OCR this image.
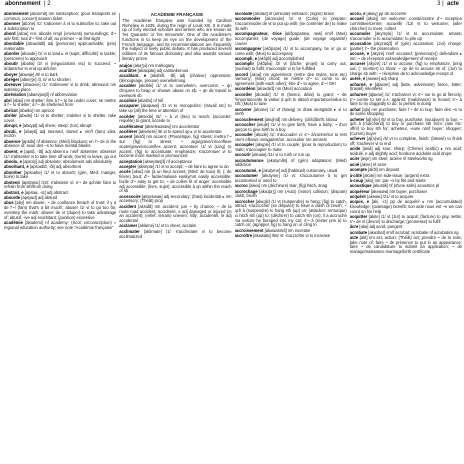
abonnement  | 2	3 |  acte
abonnement [abɔnmɑ̃] nm subscription; (pour transports en commun, concert) season ticket
abonner [abɔne] /1/: s'abonner à vt to subscribe to; take out a subscription to
abord [abɔʁ] nm: abords nmpl (environs) surroundings; d'~ adv first; tout d'~ first of all; au premier ~ at first sight
abordable [abɔʁdabl] adj (personne) approachable; (prix) reasonable
aborder [abɔʁde] /1/ vi to land ▸ vt (sujet, difficulté) to tackle; (personne) to approach
aboutir [abutiʁ] /2/ vi (négociations etc) to succeed; ~ à/dans/sur to end up at/in/on
aboyer [abwaje] /8/ vi to bark
abréger [abʁeʒe] /3, 6/ vt to shorten
abreuver [abʁœve] /1/: s'abreuver vi to drink; abreuvoir nm watering place
abréviation [abʁevjasjɔ̃] nf abbreviation
abri [abʁi] nm shelter; être à l'~ to be under cover; se mettre à l'~ to shelter; à l'~ de sheltered from
abricot [abʁiko] nm apricot
abriter [abʁite] /1/ vt to shelter; s'abriter vi to shelter, take cover
abrupt, e [abʁypt] adj sheer, steep; (ton) abrupt
abruti, e [abʁyti] adj stunned, dazed ▸ nm/f (fam) idiot, moron
absence [apsɑ̃s] nf absence; (Méd) blackout; en l'~ de in the absence of; avoir des ~s to have mental blanks
absent, e [apsɑ̃, -ɑ̃t] adj absent ▸ nm/f absentee; absenter /1/: s'absenter vi to take time off work; (sortir) to leave, go out
absolu, e [apsɔly] adj absolute; absolument adv absolutely
absorbant, e [apsɔʁbɑ̃, -ɑ̃t] adj absorbent
absorber [apsɔʁbe] /1/ vt to absorb; (gén, Méd: manger, boire) to take
abstenir [apstəniʁ] /22/: s'abstenir vi: s'~ de qch/de faire to refrain from sth/from doing
abstrait, e [apstʁɛ, -ɛt] adj abstract
absurde [apsyʁd] adj absurd
abus [aby] nm abuse; ~ de confiance breach of trust; il y a de l'~! (fam) that's a bit much!; abuser /1/ vi to go too far, overstep the mark; abuser de vt (duper) to take advantage of; abusif, -ive adj exorbitant; (punition) excessive
académie [akademi] nf academy; (Scol: circonscription) ≈ regional education authority; see note "Académie française"
ACADÉMIE FRANÇAISE
The Académie française was founded by Cardinal Richelieu in 1635, during the reign of Louis XIII. It is made up of forty elected scholars and writers who are known as 'les Quarante' or 'les Immortels'. One of the Académie's functions is to keep an eye on the development of the French language, and its recommendations are frequently the subject of lively public debate. It has produced several editions of its famous dictionary and also awards various literary prizes.
acajou [akaʒu] nm mahogany
acariâtre [akaʁjɑtʁ] adj cantankerous
accablant, e [akɑblɑ̃, -ɑ̃t] adj (chaleur) oppressive; (témoignage, preuve) overwhelming
accabler [akɑble] /1/ vt to overwhelm, overcome; ~ qn d'injures to heap or shower abuse on sb; ~ qn de travail to overwork sb
accalmie [akalmi] nf lull
accaparer [akapaʁe] /1/ vt to monopolize; (travail etc) to take up (all) the time or attention of
accéder [aksede] /6/: ~ à vt (lieu) to reach; (accorder: requête) to grant, accede to
accélérateur [akseleʁatœʁ] nm accelerator
accélérer [akselere] /6/ vt to speed up ▸ vi to accelerate
accent [aksɑ̃] nm accent; (Phonétique, fig) stress; mettre l'~ sur (fig) to stress; ~ aigu/grave/circonflexe acute/grave/circumflex accent; accentuer /1/ vt (Ling) to accent; (fig) to accentuate, emphasize; s'accentuer vi to become more marked or pronounced
acceptation [akseptasjɔ̃] nf acceptance
accepter [aksepte] /1/ vt to accept; ~ de faire to agree to do
accès [aksɛ] nm (à un lieu) access; (Méd: de toux) fit; (: de fièvre) bout; d'~ facile/malaisé easily/not easily accessible; facile d'~ easy to get to; ~ de colère fit of anger; accessible adj accessible; (livre, sujet): accessible à qn within the reach of sb
accessoire [akseswaʁ] adj secondary; (frais) incidental ▸ nm accessory; (Théât) prop
accident [aksidɑ̃] nm accident; par ~ by chance; ~ de la route road accident; accidenté, e adj damaged or injured (in an accident); (relief, terrain) uneven; hilly; accidentel, le adj accidental
acclamer [aklame] /1/ vt to cheer, acclaim
acclimater [aklimate] /1/: s'acclimater vi to become acclimatized
accolade [akɔlad] nf (amicale) embrace; (signe) brace
accommoder [akɔmɔde] /1/ vt (Culin) to prepare; s'accommoder de vt to put up with; (se contenter de) to make do with
accompagnateur, -trice [akɔ̃paɲatœʁ, -tʁis] nm/f (Mus) accompanist; (de voyage) guide; (de voyage organisé) courier
accompagner [akɔ̃paɲe] /1/ vt to accompany, be or go or come with; (Mus) to accompany
accompli, e [akɔ̃pli] adj accomplished
accomplir [akɔ̃pliʁ] /2/ vt (tâche, projet) to carry out; (souhait) to fulfil; s'accomplir vi to be fulfilled
accord [akɔʁ] nm agreement; (entre des styles, tons etc) harmony; (Mus) chord; se mettre d'~ to come to an agreement (with each other); être d'~ to agree; d'~! OK!
accordéon [akɔʁdeɔ̃] nm (Mus) accordion
accorder [akɔʁde] /1/ vt (faveur, délai) to grant; ~ de l'importance/de la valeur à qch to attach importance/value to sth; (Mus) to tune
accoster [akɔste] /1/ vt (Navig) to draw alongside ▸ vi to berth
accouchement [akuʃmɑ̃] nm delivery, (child)birth; labour
accoucher [akuʃe] /1/ vi to give birth, have a baby; ~ d'un garçon to give birth to a boy
accouder [akude] /1/: s'accouder vi: s'~ à/contre/sur to rest one's elbows on/against/on; accoudoir nm armrest
accoupler [akuple] /1/ vt to couple; (pour la reproduction) to mate; s'accoupler to mate
accourir [akuʁiʁ] /11/ vi to rush or run up
accoutumance [akutymɑ̃s] nf (gén) adaptation; (Méd) addiction
accoutumé, e [akutyme] adj (habituel) customary, usual
accoutumer [akutyme] /1/ vt: s'accoutumer à to get accustomed or used to
accroc [akʁo] nm (déchirure) tear; (fig) hitch, snag
accrochage [akʁɔʃaʒ] nm (Auto) (minor) collision; (dispute) clash, brush
accrocher [akʁɔʃe] /1/ vt (suspendre) to hang; (fig) to catch, attract; s'accrocher (se disputer) to have a clash or brush; ~ qch à (suspendre) to hang sth (up) on; (attacher: remorque) to hitch sth (up) to; (déchirer) to catch sth (on); il a accroché ma voiture he bumped into my car; s'~ à (rester pris à) to catch on; (agripper, fig) to hang on or cling to
accroissement [akʁwasmɑ̃] nm increase
accroître [akʁwatʁ] /55/ vt: s'accroître vi to increase
accru, e [akʁy] pp de accroître
accueil [akœj] nm welcome; comité/centre d'~ reception committee/centre; accueillir /12/ vt to welcome; (aller chercher) to meet, collect
accumuler [akymyle] /1/ vt to accumulate, amass; s'accumuler vi to accumulate; to pile up
accusation [akyzasjɔ̃] nf (gén) accusation; (Jur) charge; (partie): l'~ the prosecution
accusé, e [akyze] nm/f accused; (prévenu(e)) defendant ▸ nm: ~ de réception acknowledgement of receipt
accuser [akyze] /1/ vt to accuse; (fig) to emphasize, bring out; (: montrer) to show; ~ qn de to accuse sb of; (Jur) to charge sb with; ~ réception de to acknowledge receipt of
acéré, e [aseʁe] adj sharp
acharné, e [aʃaʁne] adj (lutte, adversaire) fierce, bitter; (travail) relentless
acharner [aʃaʁne] /1/: s'acharner vi: s'~ sur to go at fiercely; s'~ contre to set o.s. against; (malchance) to hound; s'~ à faire to try doggedly to do; to persist in doing
achat [aʃa] nm purchase; faire l'~ de to buy; faire des ~s to do some shopping
acheter [aʃ(ə)te] /5/ vt to buy, purchase; (soudoyer) to buy; ~ qch à (marchand) to buy or purchase sth from; (ami etc: offrir) to buy sth for; acheteur, -euse nm/f buyer; shopper; (Comm) buyer
achever [aʃ(ə)ve] /5/ vt to complete, finish; (blessé) to finish off; s'achever vi to end
acide [asid] adj sour, sharp; (Chimie) acid(ic) ▸ nm acid; acidulé, e adj slightly acid; bonbons acidulés acid drops
acier [asje] nm steel; aciérie nf steelworks sg
acné [akne] nf acne
acompte [akɔ̃t] nm deposit
à-côté [akote] nm side-issue; (argent) extra
à-coup [aku] nm: par ~s by fits and starts
acoustique [akustik] nf (d'une salle) acoustics pl
acquéreur [akeʁœʁ] nm buyer, purchaser
acquérir [akeʁiʁ] /21/ vt to acquire
acquis, e [aki, -iz] pp de acquérir ▸ nm (accumulated) knowledge; (avantage) benefit; son aide nous est ~e we can count on his help
acquitter [akite] /1/ vt (Jur) to acquit; (facture) to pay, settle; s'~ de vt (devoir) to discharge; (promesse) to fulfil
âcre [ɑkʁ] adj acrid, pungent
acrobate [akʁɔbat] nm/f acrobat; acrobatie nf acrobatics sg
acte [akt] nm act, action; (Théât) act; prendre ~ de to note, take note of; faire ~ de présence to put in an appearance; faire ~ de candidature to submit an application; ~ de mariage/naissance marriage/birth certificate
